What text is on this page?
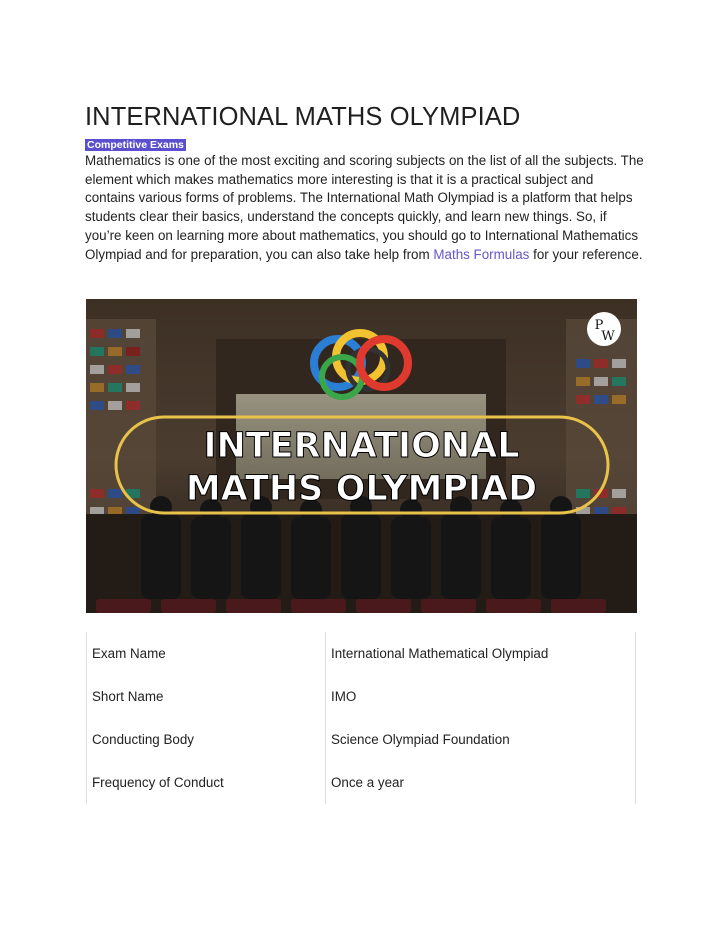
INTERNATIONAL MATHS OLYMPIAD
Competitive Exams

Mathematics is one of the most exciting and scoring subjects on the list of all the subjects. The element which makes mathematics more interesting is that it is a practical subject and contains various forms of problems. The International Math Olympiad is a platform that helps students clear their basics, understand the concepts quickly, and learn new things. So, if you’re keen on learning more about mathematics, you should go to International Mathematics Olympiad and for preparation, you can also take help from Maths Formulas for your reference.

INTERNATIONAL
MATHS OLYMPIAD
P
W
Exam Name	International Mathematical Olympiad
Short Name	IMO
Conducting Body	Science Olympiad Foundation
Frequency of Conduct	Once a year
